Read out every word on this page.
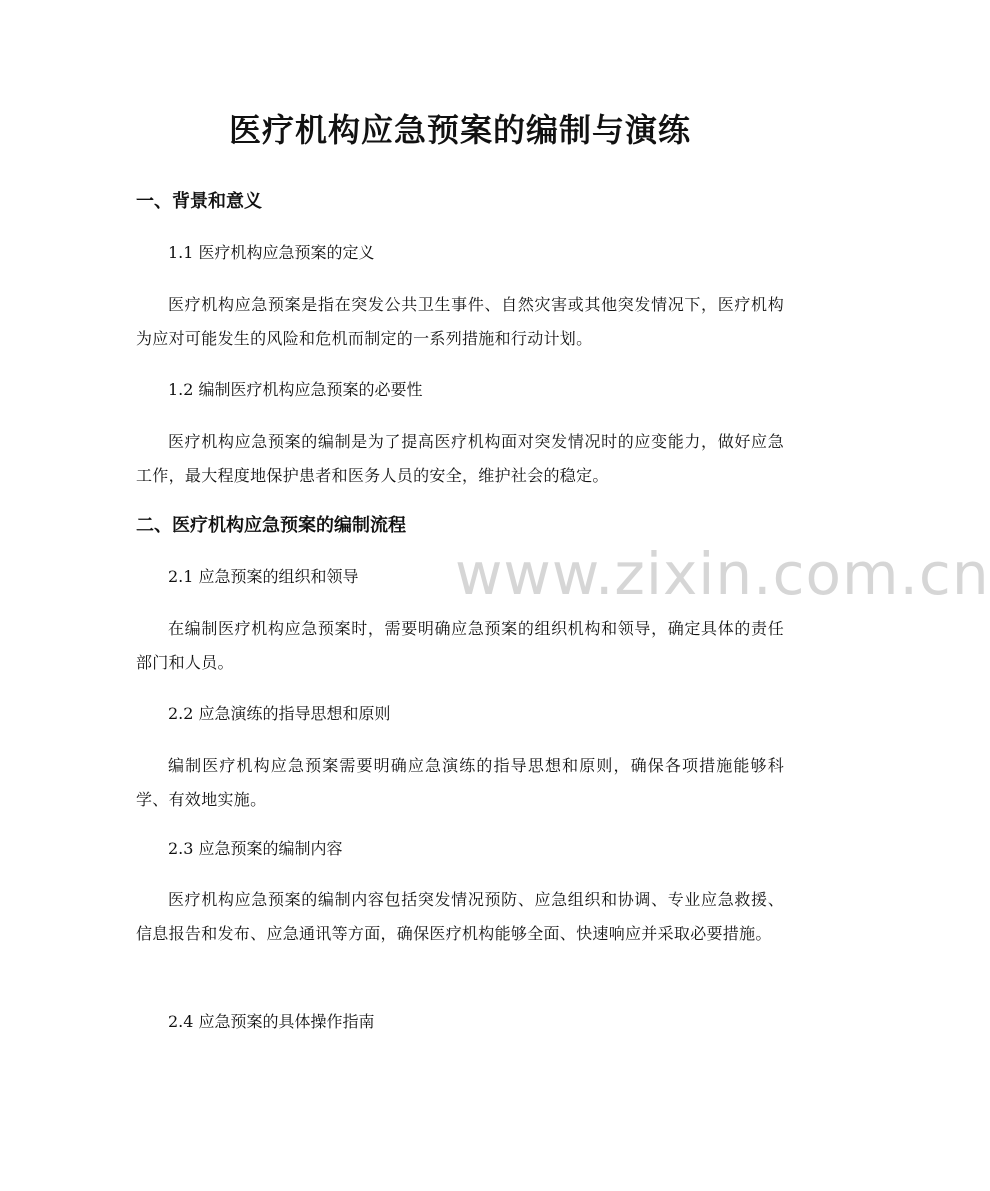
医疗机构应急预案的编制与演练
一、背景和意义
1.1 医疗机构应急预案的定义
医疗机构应急预案是指在突发公共卫生事件、自然灾害或其他突发情况下，医疗机构为应对可能发生的风险和危机而制定的一系列措施和行动计划。
1.2 编制医疗机构应急预案的必要性
医疗机构应急预案的编制是为了提高医疗机构面对突发情况时的应变能力，做好应急工作，最大程度地保护患者和医务人员的安全，维护社会的稳定。
二、医疗机构应急预案的编制流程
2.1 应急预案的组织和领导
在编制医疗机构应急预案时，需要明确应急预案的组织机构和领导，确定具体的责任部门和人员。
2.2 应急演练的指导思想和原则
编制医疗机构应急预案需要明确应急演练的指导思想和原则，确保各项措施能够科学、有效地实施。
2.3 应急预案的编制内容
医疗机构应急预案的编制内容包括突发情况预防、应急组织和协调、专业应急救援、信息报告和发布、应急通讯等方面，确保医疗机构能够全面、快速响应并采取必要措施。
2.4 应急预案的具体操作指南
www.zixin.com.cn
